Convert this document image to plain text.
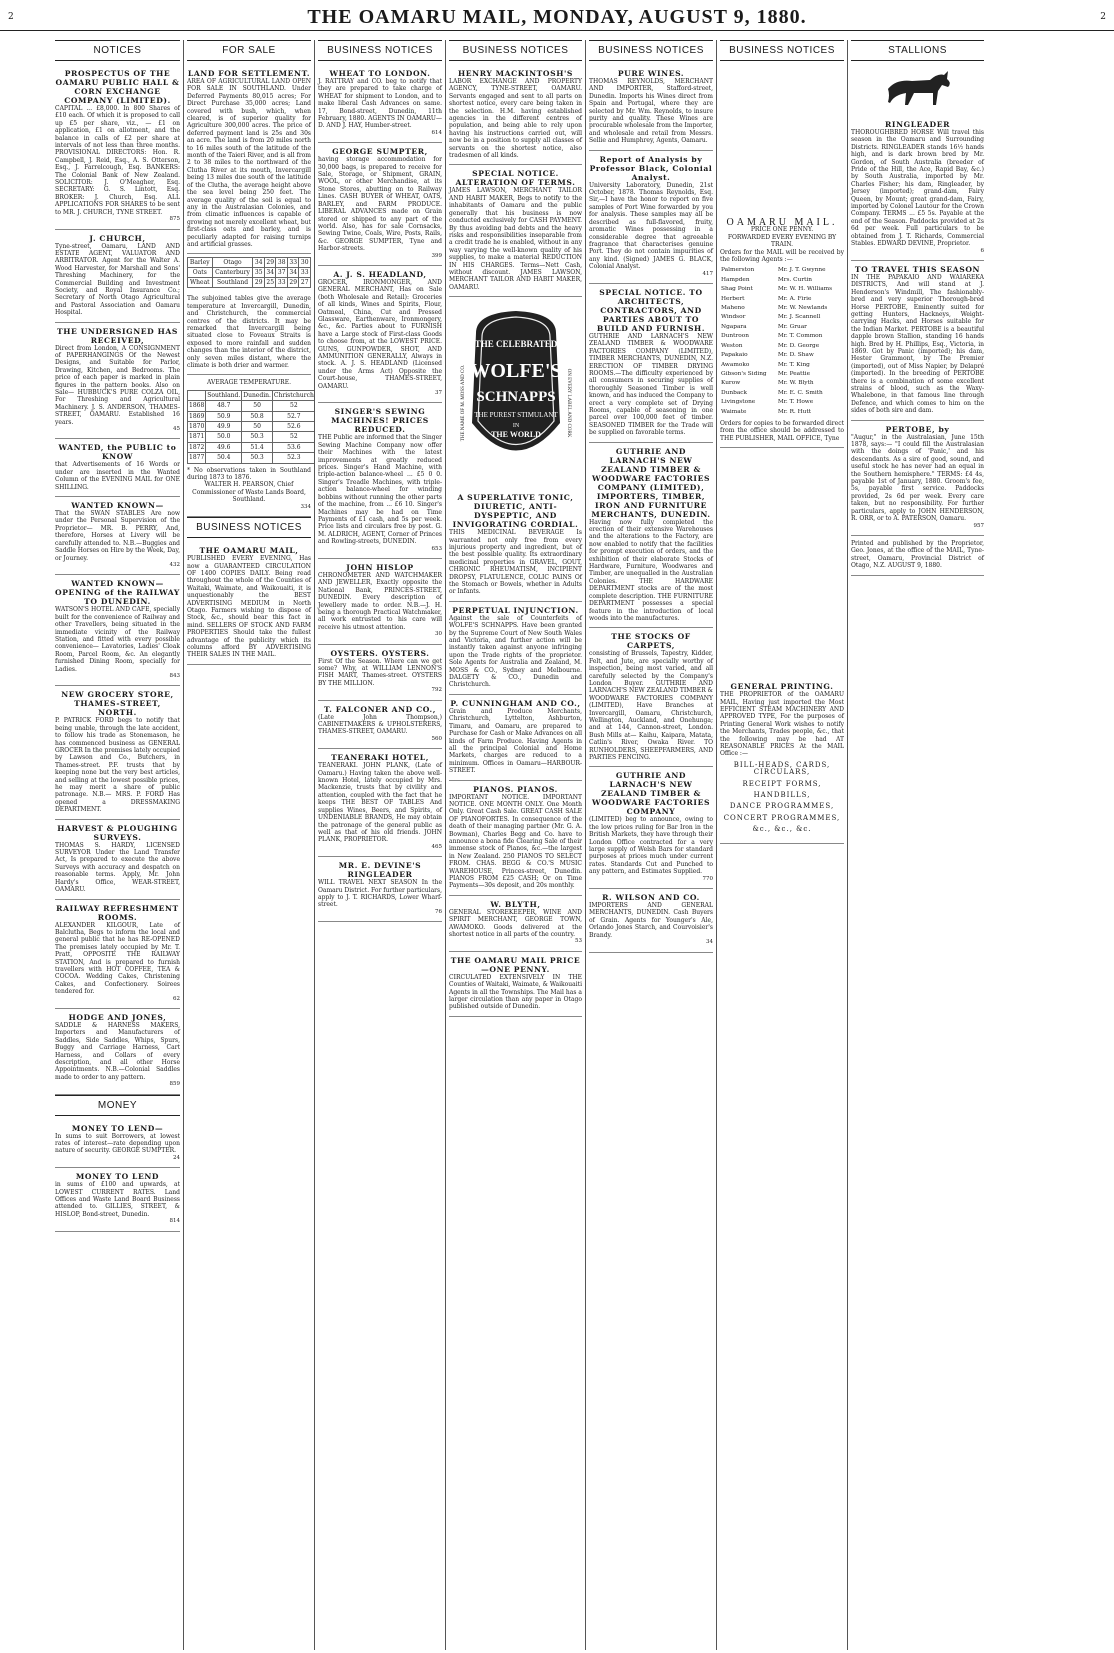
2	THE OAMARU MAIL, MONDAY, AUGUST 9, 1880.	2
NOTICES
PROSPECTUS OF THE OAMARU PUBLIC HALL & CORN EXCHANGE COMPANY (LIMITED).
CAPITAL ... £8,000. In 800 Shares of £10 each. Of which it is proposed to call up £5 per share, viz., — £1 on application, £1 on allotment, and the balance in calls of £2 per share at intervals of not less than three months. PROVISIONAL DIRECTORS: Hon. R. Campbell, J. Reid, Esq., A. S. Otterson, Esq., J. Farrelcough, Esq. BANKERS: The Colonial Bank of New Zealand. SOLICITOR: J. O'Meagher, Esq. SECRETARY: G. S. Lintott, Esq. BROKER: J. Church, Esq. ALL APPLICATIONS FOR SHARES to be sent to MR. J. CHURCH, TYNE STREET.
875
J. CHURCH,
Tyne-street, Oamaru, LAND AND ESTATE AGENT, VALUATOR AND ARBITRATOR. Agent for the Walter A. Wood Harvester, for Marshall and Sons' Threshing Machinery, for the Commercial Building and Investment Society, and Royal Insurance Co.; Secretary of North Otago Agricultural and Pastoral Association and Oamaru Hospital.
THE UNDERSIGNED HAS RECEIVED,
Direct from London, A CONSIGNMENT of PAPERHANGINGS Of the Newest Designs, and Suitable for Parlor, Drawing, Kitchen, and Bedrooms. The price of each paper is marked in plain figures in the pattern books. Also on Sale— HUBBUCK'S PURE COLZA OIL, For Threshing and Agricultural Machinery. J. S. ANDERSON, THAMES-STREET, OAMARU. Established 16 years.
45
WANTED, the PUBLIC to KNOW
that Advertisements of 16 Words or under are inserted in the Wanted Column of the EVENING MAIL for ONE SHILLING.
WANTED KNOWN—
That the SWAN STABLES Are now under the Personal Supervision of the Proprietor— MR. B. PERRY, And, therefore, Horses at Livery will be carefully attended to. N.B.—Buggies and Saddle Horses on Hire by the Week, Day, or Journey.
432
WANTED KNOWN—OPENING of the RAILWAY TO DUNEDIN.
WATSON'S HOTEL AND CAFE, specially built for the convenience of Railway and other Travellers, being situated in the immediate vicinity of the Railway Station, and fitted with every possible convenience— Lavatories, Ladies' Cloak Room, Parcel Room, &c. An elegantly furnished Dining Room, specially for Ladies.
843
NEW GROCERY STORE, THAMES-STREET, NORTH.
P. PATRICK FORD begs to notify that being unable, through the late accident, to follow his trade as Stonemason, he has commenced business as GENERAL GROCER In the premises lately occupied by Lawson and Co., Butchers, in Thames-street. P.F. trusts that by keeping none but the very best articles, and selling at the lowest possible prices, he may merit a share of public patronage. N.B.— MRS. P. FORD Has opened a DRESSMAKING DEPARTMENT.
HARVEST & PLOUGHING SURVEYS.
THOMAS S. HARDY, LICENSED SURVEYOR Under the Land Transfer Act, Is prepared to execute the above Surveys with accuracy and despatch on reasonable terms. Apply, Mr. John Hardy's Office, WEAR-STREET, OAMARU.
RAILWAY REFRESHMENT ROOMS.
ALEXANDER KILGOUR, Late of Balclutha, Begs to inform the local and general public that he has RE-OPENED The premises lately occupied by Mr. T. Pratt, OPPOSITE THE RAILWAY STATION, And is prepared to furnish travellers with HOT COFFEE, TEA & COCOA. Wedding Cakes, Christening Cakes, and Confectionery. Soirees tendered for.
62
HODGE AND JONES,
SADDLE & HARNESS MAKERS, Importers and Manufacturers of Saddles, Side Saddles, Whips, Spurs, Buggy and Carriage Harness, Cart Harness, and Collars of every description, and all other Horse Appointments. N.B.—Colonial Saddles made to order to any pattern.
859
MONEY
MONEY TO LEND—
In sums to suit Borrowers, at lowest rates of interest—rate depending upon nature of security. GEORGE SUMPTER.
24
MONEY TO LEND
in sums of £100 and upwards, at LOWEST CURRENT RATES. Land Offices and Waste Land Board Business attended to. GILLIES, STREET, & HISLOP, Bond-street, Dunedin.
814
FOR SALE
LAND FOR SETTLEMENT.
AREA OF AGRICULTURAL LAND OPEN FOR SALE IN SOUTHLAND. Under Deferred Payments 80,015 acres; For Direct Purchase 35,000 acres; Land covered with bush, which, when cleared, is of superior quality for Agriculture 300,000 acres. The price of deferred payment land is 25s and 30s an acre. The land is from 20 miles north to 16 miles south of the latitude of the month of the Taieri River, and is all from 2 to 38 miles to the northward of the Clutha River at its mouth, Invercargill being 13 miles due south of the latitude of the Clutha, the average height above the sea level being 250 feet. The average quality of the soil is equal to any in the Australasian Colonies, and from climatic influences is capable of growing not merely excellent wheat, but first-class oats and barley, and is peculiarly adapted for raising turnips and artificial grasses.
Barley	Otago	34	29	38	33	30
Oats	Canterbury	35	34	37	34	33
Wheat	Southland	29	25	33	29	27
The subjoined tables give the average temperature at Invercargill, Dunedin, and Christchurch, the commercial centres of the districts. It may be remarked that Invercargill being situated close to Foveaux Straits is exposed to more rainfall and sudden changes than the interior of the district, only seven miles distant, where the climate is both drier and warmer.
AVERAGE TEMPERATURE.
	Southland.	Dunedin.	Christchurch
1868	48.7	50	52
1869	50.9	50.8	52.7
1870	49.9	50	52.6
1871	50.0	50.3	52
1872	49.6	51.4	53.6
1877	50.4	50.3	52.3
* No observations taken in Southland during 1873 to 1876.
WALTER H. PEARSON, Chief Commissioner of Waste Lands Board, Southland.
334
BUSINESS NOTICES
THE OAMARU MAIL,
PUBLISHED EVERY EVENING, Has now a GUARANTEED CIRCULATION OF 1400 COPIES DAILY. Being read throughout the whole of the Counties of Waitaki, Waimate, and Waikouaiti, it is unquestionably the BEST ADVERTISING MEDIUM in North Otago. Farmers wishing to dispose of Stock, &c., should bear this fact in mind. SELLERS OF STOCK AND FARM PROPERTIES Should take the fullest advantage of the publicity which its columns afford BY ADVERTISING THEIR SALES IN THE MAIL.
BUSINESS NOTICES
WHEAT TO LONDON.
J. RATTRAY and CO. beg to notify that they are prepared to take charge of WHEAT for shipment to London, and to make liberal Cash Advances on same. 17, Bond-street, Dunedin, 11th February, 1880. AGENTS IN OAMARU— D. AND J. HAY, Humber-street.
614
GEORGE SUMPTER,
having storage accommodation for 30,000 bags, is prepared to receive for Sale, Storage, or Shipment, GRAIN, WOOL, or other Merchandise, at its Stone Stores, abutting on to Railway Lines. CASH BUYER of WHEAT, OATS, BARLEY, and FARM PRODUCE. LIBERAL ADVANCES made on Grain stored or shipped to any part of the world. Also, has for sale Cornsacks, Sewing Twine, Coals, Wire, Posts, Rails, &c. GEORGE SUMPTER, Tyne and Harbor-streets.
399
A. J. S. HEADLAND,
GROCER, IRONMONGER, AND GENERAL MERCHANT, Has on Sale (both Wholesale and Retail): Groceries of all kinds, Wines and Spirits, Flour, Oatmeal, China, Cut and Pressed Glassware, Earthenware, Ironmongery, &c., &c. Parties about to FURNISH have a Large stock of First-class Goods to choose from, at the LOWEST PRICE. GUNS, GUNPOWDER, SHOT, AND AMMUNITION GENERALLY, Always in stock. A. J. S. HEADLAND (Licensed under the Arms Act) Opposite the Court-house, THAMES-STREET, OAMARU.
37
SINGER'S SEWING MACHINES! PRICES REDUCED.
THE Public are informed that the Singer Sewing Machine Company now offer their Machines with the latest improvements at greatly reduced prices. Singer's Hand Machine, with triple-action balance-wheel ... £5 0 0. Singer's Treadle Machines, with triple-action balance-wheel for winding bobbins without running the other parts of the machine, from ... £6 10. Singer's Machines may be had on Time Payments of £1 cash, and 5s per week. Price lists and circulars free by post. G. M. ALDRICH, AGENT, Corner of Princes and Rowling-streets, DUNEDIN.
653
JOHN HISLOP
CHRONOMETER AND WATCHMAKER AND JEWELLER, Exactly opposite the National Bank, PRINCES-STREET, DUNEDIN. Every description of Jewellery made to order. N.B.—J. H. being a thorough Practical Watchmaker, all work entrusted to his care will receive his utmost attention.
30
OYSTERS. OYSTERS.
First Of the Season. Where can we get some? Why, at WILLIAM LENNON'S FISH MART, Thames-street. OYSTERS BY THE MILLION.
792
T. FALCONER AND CO.,
(Late John Thompson,) CABINETMAKERS & UPHOLSTERERS, THAMES-STREET, OAMARU.
560
TEANERAKI HOTEL,
TEANERAKI. JOHN PLANK, (Late of Oamaru.) Having taken the above well-known Hotel, lately occupied by Mrs. Mackenzie, trusts that by civility and attention, coupled with the fact that he keeps THE BEST OF TABLES And supplies Wines, Beers, and Spirits, of UNDENIABLE BRANDS, He may obtain the patronage of the general public as well as that of his old friends. JOHN PLANK, PROPRIETOR.
465
MR. E. DEVINE'S RINGLEADER
WILL TRAVEL NEXT SEASON In the Oamaru District. For further particulars, apply to J. T. RICHARDS, Lower Wharf-street.
76
BUSINESS NOTICES
HENRY MACKINTOSH'S
LABOR EXCHANGE AND PROPERTY AGENCY, TYNE-STREET, OAMARU. Servants engaged and sent to all parts on shortest notice, every care being taken in the selection. H.M. having established agencies in the different centres of population, and being able to rely upon having his instructions carried out, will now be in a position to supply all classes of servants on the shortest notice, also tradesmen of all kinds.
SPECIAL NOTICE. ALTERATION OF TERMS.
JAMES LAWSON, MERCHANT TAILOR AND HABIT MAKER, Begs to notify to the inhabitants of Oamaru and the public generally that his business is now conducted exclusively for CASH PAYMENT. By thus avoiding bad debts and the heavy risks and responsibilities inseparable from a credit trade he is enabled, without in any way varying the well-known quality of his supplies, to make a material REDUCTION IN HIS CHARGES. Terms—Nett Cash, without discount. JAMES LAWSON, MERCHANT TAILOR AND HABIT MAKER, OAMARU.
THE CELEBRATED
WOLFE'S
SCHNAPPS
THE PUREST STIMULANT
IN
THE WORLD
THE NAME OF M. MOSS AND CO.	ON EVERY LABEL AND CORK
A SUPERLATIVE TONIC, DIURETIC, ANTI-DYSPEPTIC, AND INVIGORATING CORDIAL.
THIS MEDICINAL BEVERAGE Is warranted not only free from every injurious property and ingredient, but of the best possible quality. Its extraordinary medicinal properties in GRAVEL, GOUT, CHRONIC RHEUMATISM, INCIPIENT DROPSY, FLATULENCE, COLIC PAINS Of the Stomach or Bowels, whether in Adults or Infants.
PERPETUAL INJUNCTION.
Against the sale of Counterfeits of WOLFE'S SCHNAPPS. Have been granted by the Supreme Court of New South Wales and Victoria, and further action will be instantly taken against anyone infringing upon the Trade rights of the proprietor. Sole Agents for Australia and Zealand, M. MOSS & CO., Sydney and Melbourne. DALGETY & CO., Dunedin and Christchurch.
P. CUNNINGHAM AND CO.,
Grain and Produce Merchants, Christchurch, Lyttelton, Ashburton, Timaru, and Oamaru, are prepared to Purchase for Cash or Make Advances on all kinds of Farm Produce. Having Agents in all the principal Colonial and Home Markets, charges are reduced to a minimum. Offices in Oamaru—HARBOUR-STREET.
PIANOS. PIANOS.
IMPORTANT NOTICE. IMPORTANT NOTICE. ONE MONTH ONLY. One Month Only. Great Cash Sale. GREAT CASH SALE OF PIANOFORTES. In consequence of the death of their managing partner (Mr. G. A. Bowman), Charles Begg and Co. have to announce a bona fide Clearing Sale of their immense stock of Pianos, &c.—the largest in New Zealand. 250 PIANOS TO SELECT FROM. CHAS. BEGG & CO.'S MUSIC WAREHOUSE, Princes-street, Dunedin. PIANOS FROM £25 CASH; Or on Time Payments—30s deposit, and 20s monthly.
W. BLYTH,
GENERAL STOREKEEPER, WINE AND SPIRIT MERCHANT, GEORGE TOWN, AWAMOKO. Goods delivered at the shortest notice in all parts of the country.
53
THE OAMARU MAIL PRICE—ONE PENNY.
CIRCULATED EXTENSIVELY IN THE Counties of Waitaki, Waimate, & Waikouaiti Agents in all the Townships. The Mail has a larger circulation than any paper in Otago published outside of Dunedin.
BUSINESS NOTICES
PURE WINES.
THOMAS REYNOLDS, MERCHANT AND IMPORTER, Stafford-street, Dunedin. Imports his Wines direct from Spain and Portugal, where they are selected by Mr. Wm. Reynolds, to insure purity and quality. These Wines are procurable wholesale from the Importer, and wholesale and retail from Messrs. Sellie and Humphrey, Agents, Oamaru.
Report of Analysis by Professor Black, Colonial Analyst.
University Laboratory, Dunedin, 21st October, 1878. Thomas Reynolds, Esq. Sir,—I have the honor to report on five samples of Port Wine forwarded by you for analysis. These samples may all be described as full-flavored, fruity, aromatic Wines possessing in a considerable degree that agreeable fragrance that characterises genuine Port. They do not contain impurities of any kind. (Signed) JAMES G. BLACK, Colonial Analyst.
417
SPECIAL NOTICE. TO ARCHITECTS, CONTRACTORS, AND PARTIES ABOUT TO BUILD AND FURNISH.
GUTHRIE AND LARNACH'S NEW ZEALAND TIMBER & WOODWARE FACTORIES COMPANY (LIMITED), TIMBER MERCHANTS, DUNEDIN, N.Z. ERECTION OF TIMBER DRYING ROOMS.—The difficulty experienced by all consumers in securing supplies of thoroughly Seasoned Timber is well known, and has induced the Company to erect a very complete set of Drying Rooms, capable of seasoning in one parcel over 100,000 feet of timber. SEASONED TIMBER for the Trade will be supplied on favorable terms.
GUTHRIE AND LARNACH'S NEW ZEALAND TIMBER & WOODWARE FACTORIES COMPANY (LIMITED), IMPORTERS, TIMBER, IRON AND FURNITURE MERCHANTS, DUNEDIN.
Having now fully completed the erection of their extensive Warehouses and the alterations to the Factory, are now enabled to notify that the facilities for prompt execution of orders, and the exhibition of their elaborate Stocks of Hardware, Furniture, Woodwares and Timber, are unequalled in the Australian Colonies. THE HARDWARE DEPARTMENT stocks are of the most complete description. THE FURNITURE DEPARTMENT possesses a special feature in the introduction of local woods into the manufactures.
THE STOCKS OF CARPETS,
consisting of Brussels, Tapestry, Kidder, Felt, and Jute, are specially worthy of inspection, being most varied, and all carefully selected by the Company's London Buyer. GUTHRIE AND LARNACH'S NEW ZEALAND TIMBER & WOODWARE FACTORIES COMPANY (LIMITED), Have Branches at Invercargill, Oamaru, Christchurch, Wellington, Auckland, and Onehunga; and at 144, Cannon-street, London. Bush Mills at— Kaihu, Kaipara, Matata, Catlin's River, Owaka River. TO RUNHOLDERS, SHEEPFARMERS, AND PARTIES FENCING.
GUTHRIE AND LARNACH'S NEW ZEALAND TIMBER & WOODWARE FACTORIES COMPANY
(LIMITED) beg to announce, owing to the low prices ruling for Bar Iron in the British Markets, they have through their London Office contracted for a very large supply of Welsh Bars for standard purposes at prices much under current rates. Standards Cut and Punched to any pattern, and Estimates Supplied.
770
R. WILSON AND CO.
IMPORTERS AND GENERAL MERCHANTS, DUNEDIN. Cash Buyers of Grain. Agents for Younger's Ale, Orlando Jones Starch, and Courvoisier's Brandy.
34
BUSINESS NOTICES
OAMARU MAIL.
PRICE ONE PENNY.
FORWARDED EVERY EVENING BY TRAIN.
Orders for the MAIL will be received by the following Agents :—
Palmerston	Mr. J. T. Gwynne
Hampden	Mrs. Curtin
Shag Point	Mr. W. H. Williams
Herbert	Mr. A. Firie
Maheno	Mr. W. Newlands
Windsor	Mr. J. Scannell
Ngapara	Mr. Gruar
Duntroon	Mr. T. Common
Weston	Mr. D. George
Papakaio	Mr. D. Shaw
Awamoko	Mr. T. King
Gibson's Siding	Mr. Peattie
Kurow	Mr. W. Blyth
Dunback	Mr. E. C. Smith
Livingstone	Mr. T. Howe
Waimate	Mr. R. Hutt
Orders for copies to be forwarded direct from the office should be addressed to THE PUBLISHER, MAIL OFFICE, Tyne
GENERAL PRINTING.
THE PROPRIETOR of the OAMARU MAIL, Having just imported the Most EFFICIENT STEAM MACHINERY AND APPROVED TYPE, For the purposes of Printing General Work wishes to notify the Merchants, Trades people, &c., that the following may be had AT REASONABLE PRICES At the MAIL Office :—
BILL-HEADS, CARDS, CIRCULARS,
RECEIPT FORMS,
HANDBILLS,
DANCE PROGRAMMES,
CONCERT PROGRAMMES,
&c., &c., &c.
STALLIONS
RINGLEADER
THOROUGHBRED HORSE Will travel this season in the Oamaru and Surrounding Districts. RINGLEADER stands 16½ hands high, and is dark brown bred by Mr. Gordon, of South Australia (breeder of Pride of the Hill, the Ace, Rapid Bay, &c.) by South Australia, imported by Mr. Charles Fisher; his dam, Ringleader, by Jersey (imported); grand-dam, Fairy Queen, by Mount; great grand-dam, Fairy, imported by Colonel Lautour for the Crown Company. TERMS ... £5 5s. Payable at the end of the Season. Paddocks provided at 2s 6d per week. Full particulars to be obtained from J. T. Richards, Commercial Stables. EDWARD DEVINE, Proprietor.
6
TO TRAVEL THIS SEASON
IN THE PAPAKAIO AND WAIAREKA DISTRICTS, And will stand at J. Henderson's Windmill, The fashionably-bred and very superior Thorough-bred Horse PERTOBE, Eminently suited for getting Hunters, Hackneys, Weight-carrying Hacks, and Horses suitable for the Indian Market. PERTOBE is a beautiful dapple brown Stallion, standing 16 hands high. Bred by H. Phillips, Esq., Victoria, in 1869. Got by Panic (imported); his dam, Hester Grammont, by The Premier (imported), out of Miss Napier, by Delapré (imported). In the breeding of PERTOBE there is a combination of some excellent strains of blood, such as the Waxy-Whalebone, in that famous line through Defence, and which comes to him on the sides of both sire and dam.
PERTOBE, by
"Augur," in the Australasian, June 15th 1878, says:— "I could fill the Australasian with the doings of 'Panic,' and his descendants. As a sire of good, sound, and useful stock he has never had an equal in the Southern hemisphere." TERMS: £4 4s, payable 1st of January, 1880. Groom's fee, 5s, payable first service. Paddocks provided, 2s 6d per week. Every care taken, but no responsibility. For further particulars, apply to JOHN HENDERSON, R. ORR, or to A. PATERSON, Oamaru.
957
Printed and published by the Proprietor, Geo. Jones, at the office of the MAIL, Tyne-street, Oamaru, Provincial District of Otago, N.Z. AUGUST 9, 1880.
